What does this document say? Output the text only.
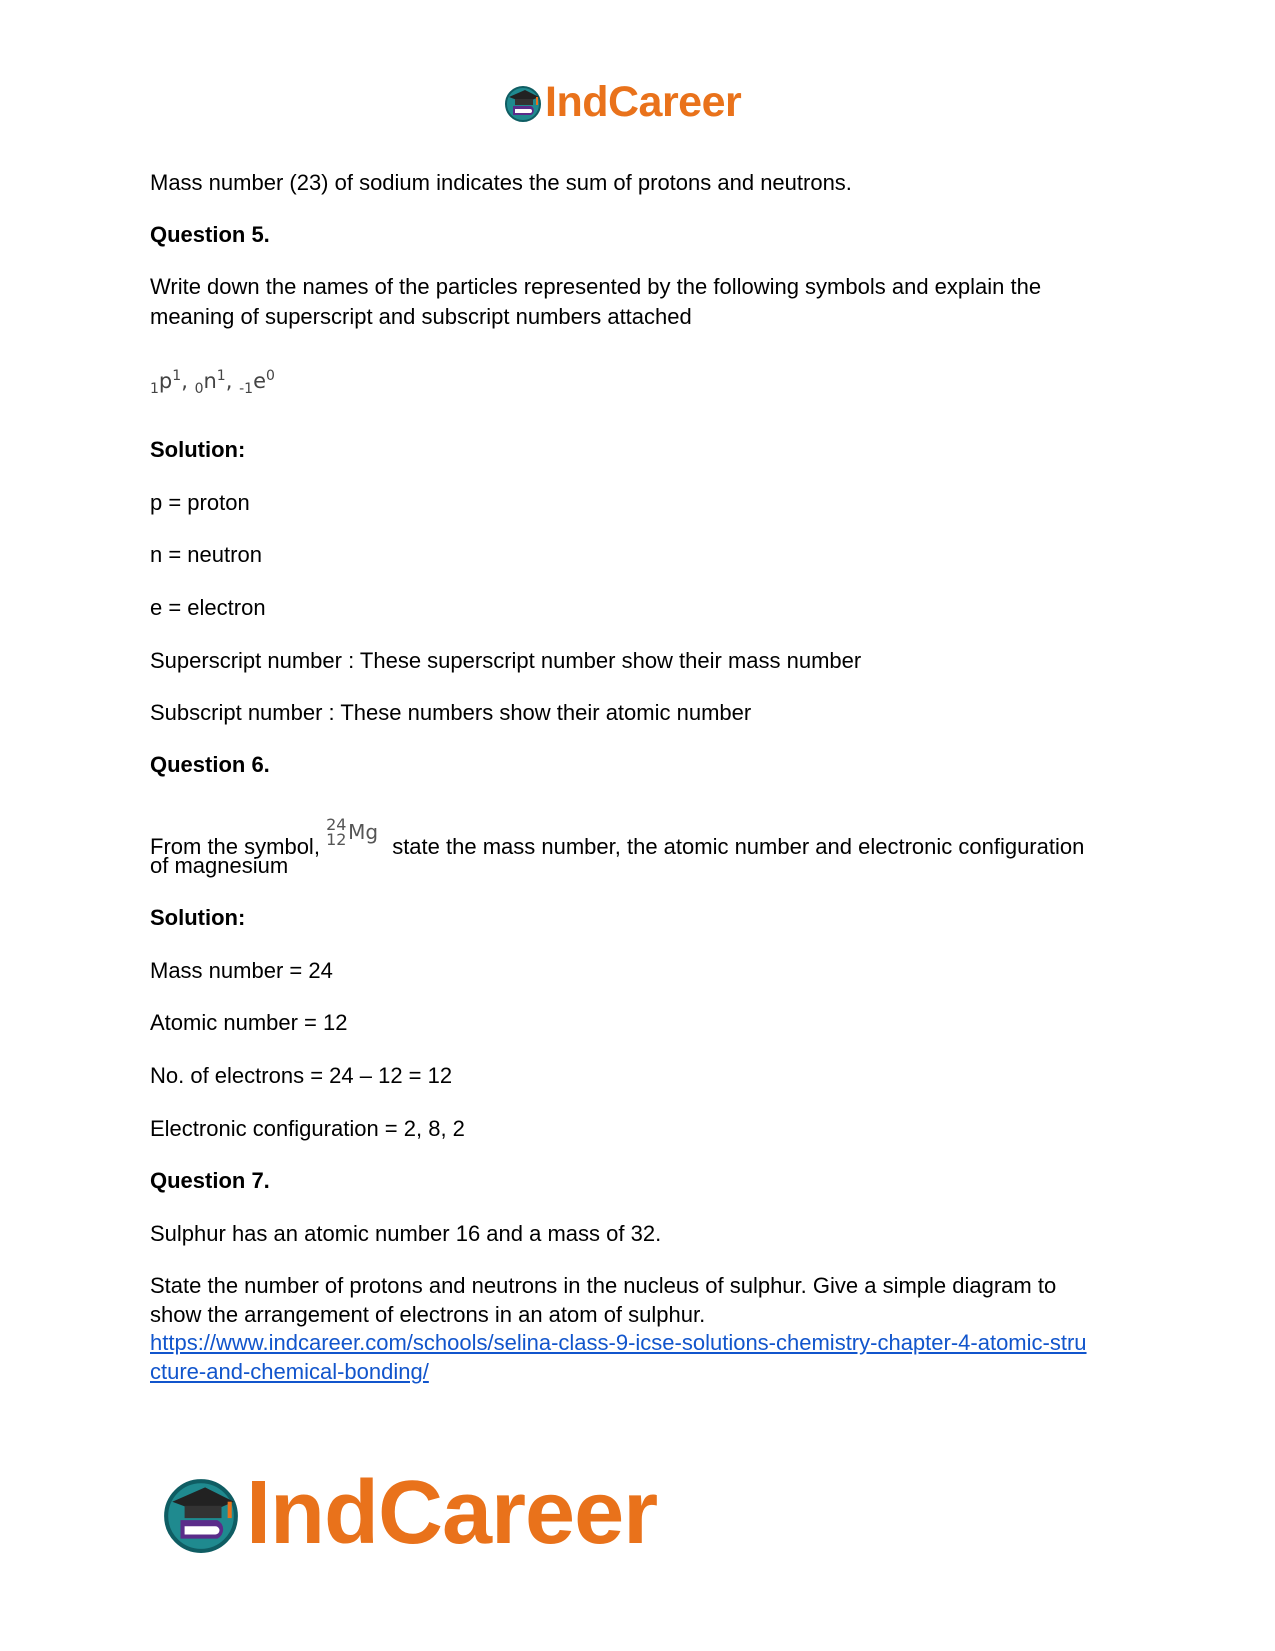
IndCareer
Mass number (23) of sodium indicates the sum of protons and neutrons.
Question 5.
Write down the names of the particles represented by the following symbols and explain the
meaning of superscript and subscript numbers attached
$_1p^1$, $_0n^1$, $_{-1}e^0$
Solution:
p = proton
n = neutron
e = electron
Superscript number : These superscript number show their mass number
Subscript number : These numbers show their atomic number
Question 6.
From the symbol,
24
12 Mg
state the mass number, the atomic number and electronic configuration
of magnesium
Solution:
Mass number = 24
Atomic number = 12
No. of electrons = 24 – 12 = 12
Electronic configuration = 2, 8, 2
Question 7.
Sulphur has an atomic number 16 and a mass of 32.
State the number of protons and neutrons in the nucleus of sulphur. Give a simple diagram to
show the arrangement of electrons in an atom of sulphur.
https://www.indcareer.com/schools/selina-class-9-icse-solutions-chemistry-chapter-4-atomic-stru
cture-and-chemical-bonding/
IndCareer
